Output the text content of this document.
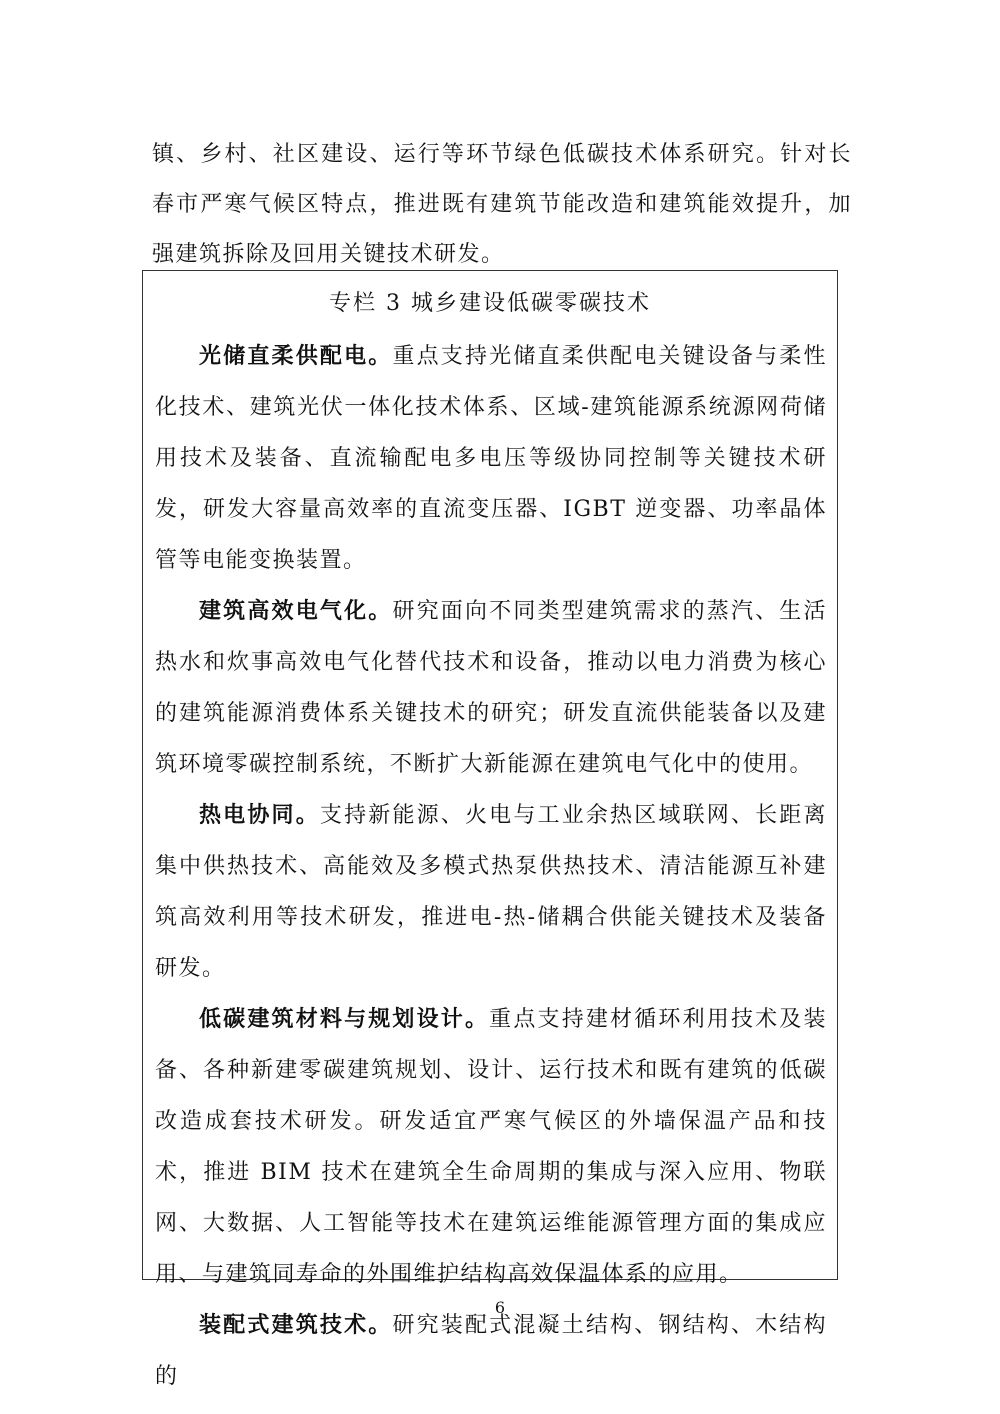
镇、乡村、社区建设、运行等环节绿色低碳技术体系研究。针对长春市严寒气候区特点，推进既有建筑节能改造和建筑能效提升，加强建筑拆除及回用关键技术研发。

专栏 3 城乡建设低碳零碳技术

光储直柔供配电。重点支持光储直柔供配电关键设备与柔性化技术、建筑光伏一体化技术体系、区域-建筑能源系统源网荷储用技术及装备、直流输配电多电压等级协同控制等关键技术研发，研发大容量高效率的直流变压器、IGBT 逆变器、功率晶体管等电能变换装置。

建筑高效电气化。研究面向不同类型建筑需求的蒸汽、生活热水和炊事高效电气化替代技术和设备，推动以电力消费为核心的建筑能源消费体系关键技术的研究；研发直流供能装备以及建筑环境零碳控制系统，不断扩大新能源在建筑电气化中的使用。

热电协同。支持新能源、火电与工业余热区域联网、长距离集中供热技术、高能效及多模式热泵供热技术、清洁能源互补建筑高效利用等技术研发，推进电-热-储耦合供能关键技术及装备研发。

低碳建筑材料与规划设计。重点支持建材循环利用技术及装备、各种新建零碳建筑规划、设计、运行技术和既有建筑的低碳改造成套技术研发。研发适宜严寒气候区的外墙保温产品和技术，推进 BIM 技术在建筑全生命周期的集成与深入应用、物联网、大数据、人工智能等技术在建筑运维能源管理方面的集成应用、与建筑同寿命的外围维护结构高效保温体系的应用。

装配式建筑技术。研究装配式混凝土结构、钢结构、木结构的

6
